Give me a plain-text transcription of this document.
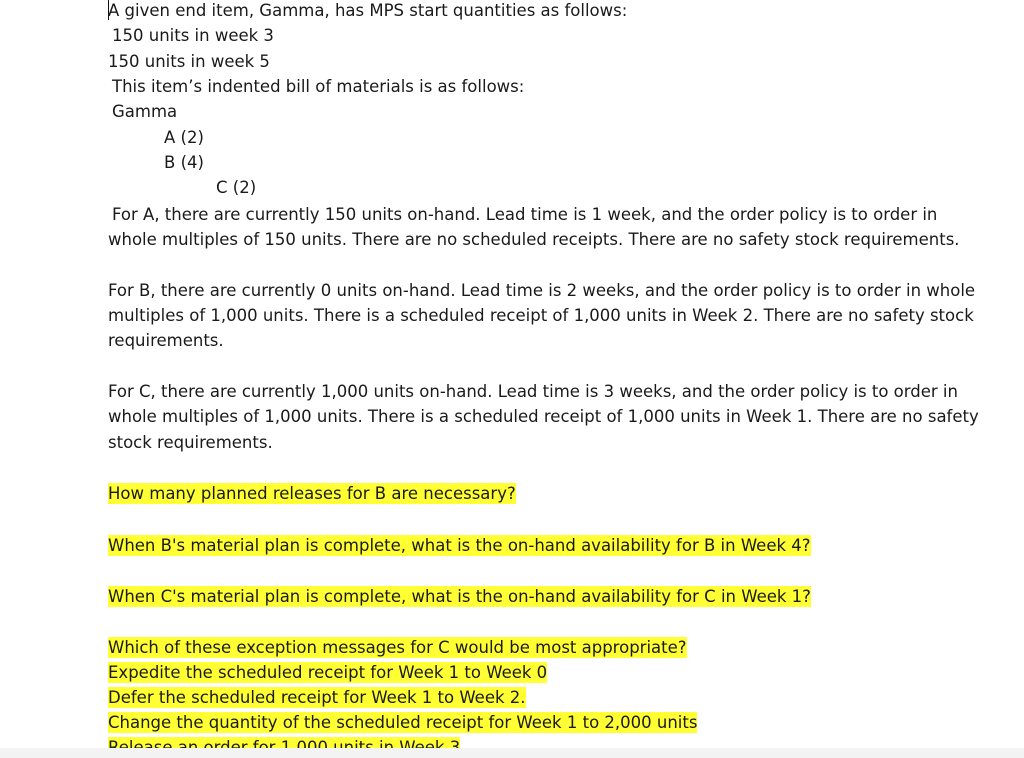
A given end item, Gamma, has MPS start quantities as follows:
150 units in week 3
150 units in week 5
This item’s indented bill of materials is as follows:
Gamma
A (2)
B (4)
C (2)
For A, there are currently 150 units on-hand. Lead time is 1 week, and the order policy is to order in
whole multiples of 150 units. There are no scheduled receipts. There are no safety stock requirements.
For B, there are currently 0 units on-hand. Lead time is 2 weeks, and the order policy is to order in whole
multiples of 1,000 units. There is a scheduled receipt of 1,000 units in Week 2. There are no safety stock
requirements.
For C, there are currently 1,000 units on-hand. Lead time is 3 weeks, and the order policy is to order in
whole multiples of 1,000 units. There is a scheduled receipt of 1,000 units in Week 1. There are no safety
stock requirements.
How many planned releases for B are necessary?
When B's material plan is complete, what is the on-hand availability for B in Week 4?
When C's material plan is complete, what is the on-hand availability for C in Week 1?
Which of these exception messages for C would be most appropriate?
Expedite the scheduled receipt for Week 1 to Week 0
Defer the scheduled receipt for Week 1 to Week 2.
Change the quantity of the scheduled receipt for Week 1 to 2,000 units
